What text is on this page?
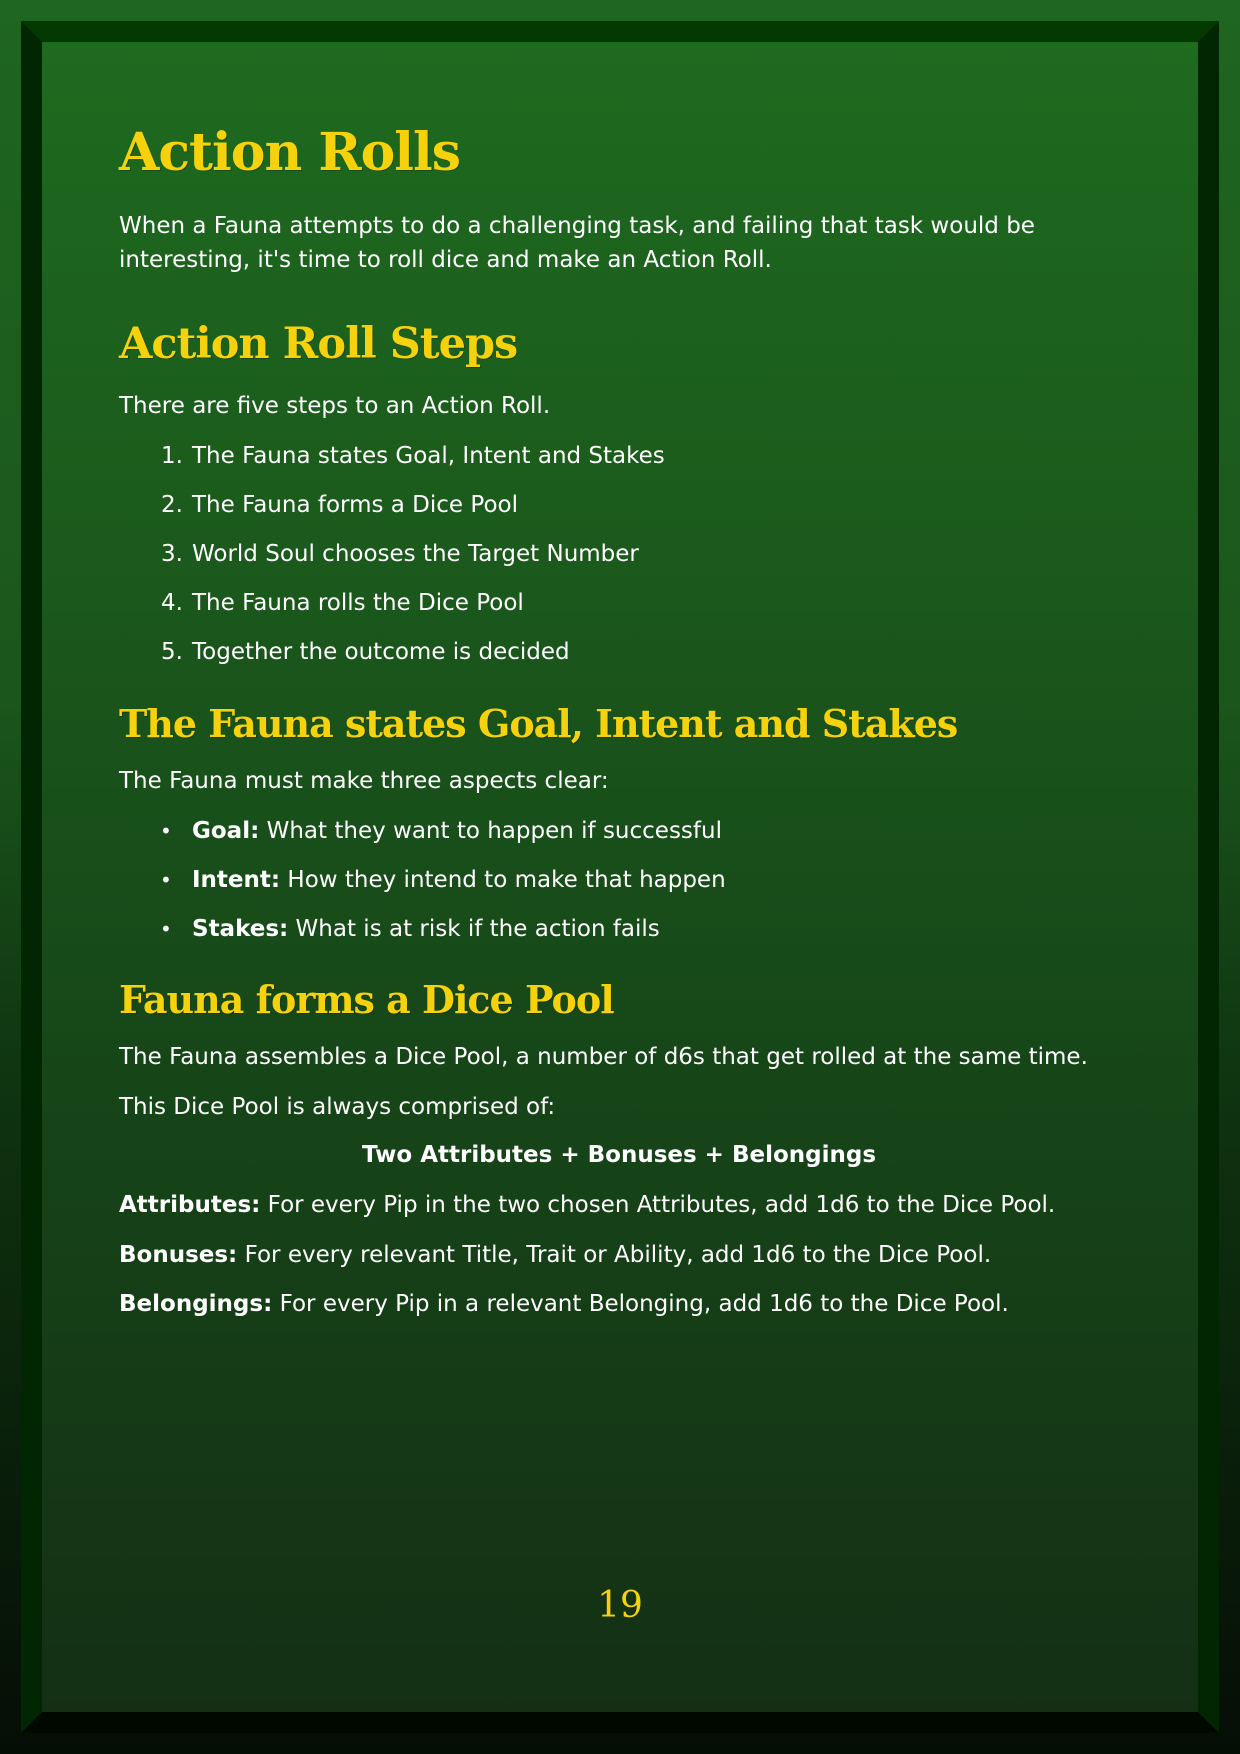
Action Rolls

When a Fauna attempts to do a challenging task, and failing that task would be interesting, it's time to roll dice and make an Action Roll.

Action Roll Steps

There are five steps to an Action Roll.

1. The Fauna states Goal, Intent and Stakes
2. The Fauna forms a Dice Pool
3. World Soul chooses the Target Number
4. The Fauna rolls the Dice Pool
5. Together the outcome is decided
The Fauna states Goal, Intent and Stakes

The Fauna must make three aspects clear:

• Goal: What they want to happen if successful
• Intent: How they intend to make that happen
• Stakes: What is at risk if the action fails
Fauna forms a Dice Pool

The Fauna assembles a Dice Pool, a number of d6s that get rolled at the same time.

This Dice Pool is always comprised of:

Two Attributes + Bonuses + Belongings

Attributes: For every Pip in the two chosen Attributes, add 1d6 to the Dice Pool.

Bonuses: For every relevant Title, Trait or Ability, add 1d6 to the Dice Pool.

Belongings: For every Pip in a relevant Belonging, add 1d6 to the Dice Pool.

19
